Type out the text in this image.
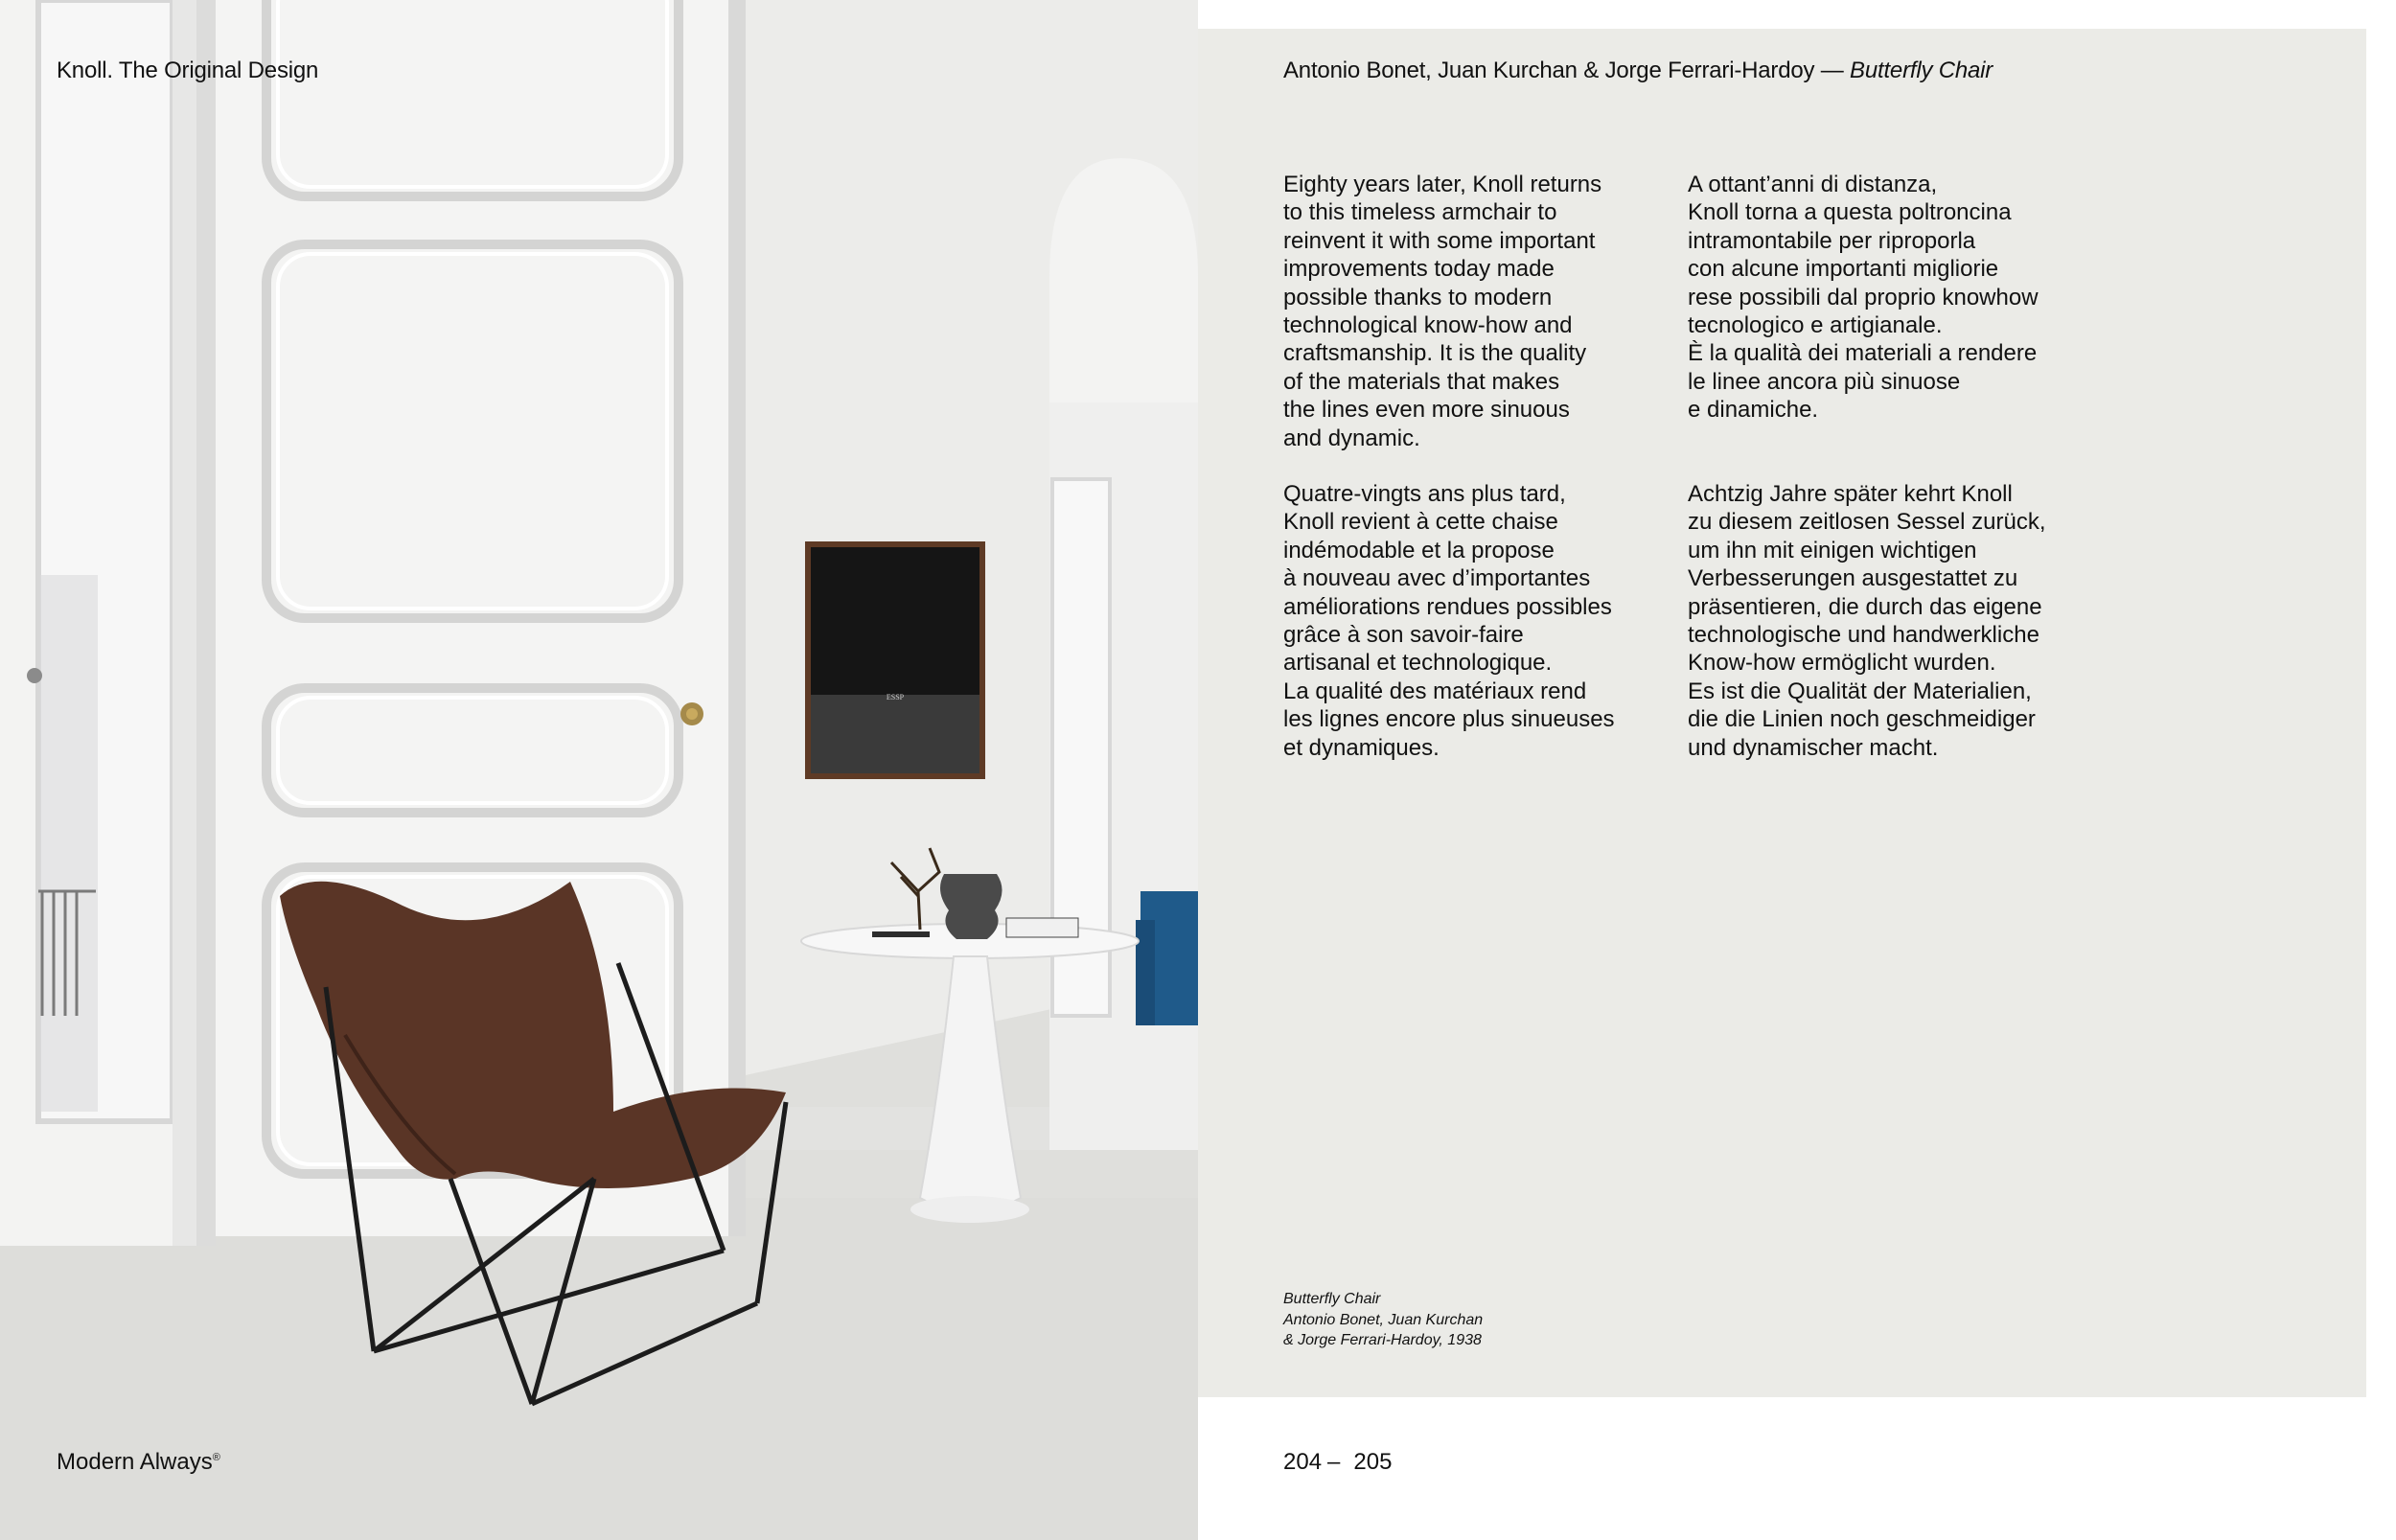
ESSP
Knoll. The Original Design
Modern Always®
Antonio Bonet, Juan Kurchan & Jorge Ferrari-Hardoy — Butterfly Chair
Eighty years later, Knoll returns
to this timeless armchair to
reinvent it with some important
improvements today made
possible thanks to modern
technological know-how and
craftsmanship. It is the quality
of the materials that makes
the lines even more sinuous
and dynamic.
A ottant’anni di distanza,
Knoll torna a questa poltroncina
intramontabile per riproporla
con alcune importanti migliorie
rese possibili dal proprio knowhow
tecnologico e artigianale.
È la qualità dei materiali a rendere
le linee ancora più sinuose
e dinamiche.
Quatre-vingts ans plus tard,
Knoll revient à cette chaise
indémodable et la propose
à nouveau avec d’importantes
améliorations rendues possibles
grâce à son savoir-faire
artisanal et technologique.
La qualité des matériaux rend
les lignes encore plus sinueuses
et dynamiques.
Achtzig Jahre später kehrt Knoll
zu diesem zeitlosen Sessel zurück,
um ihn mit einigen wichtigen
Verbesserungen ausgestattet zu
präsentieren, die durch das eigene
technologische und handwerkliche
Know-how ermöglicht wurden.
Es ist die Qualität der Materialien,
die die Linien noch geschmeidiger
und dynamischer macht.
Butterfly Chair
Antonio Bonet, Juan Kurchan
& Jorge Ferrari-Hardoy, 1938
204 – 205
